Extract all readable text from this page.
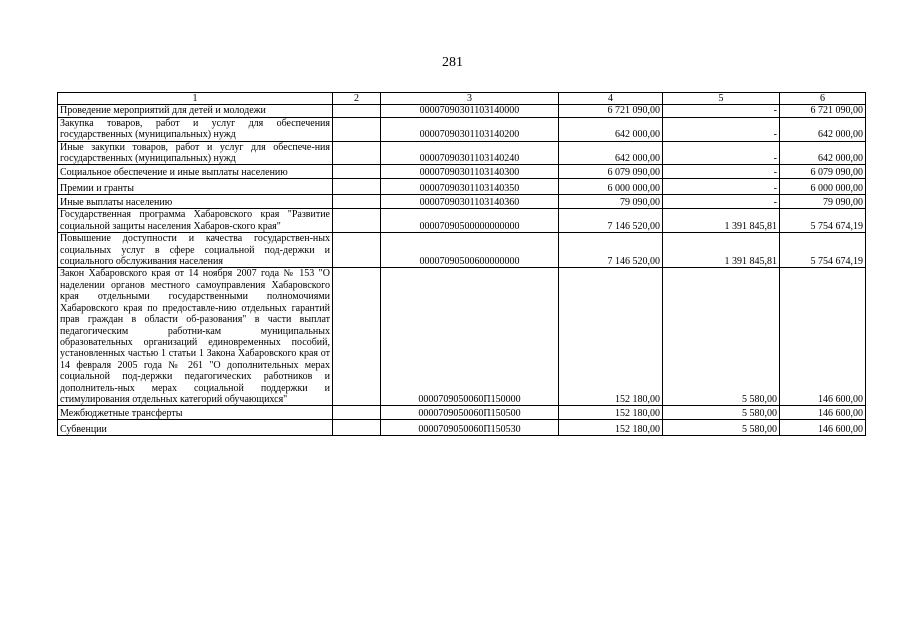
281
1	2	3	4	5	6
Проведение мероприятий для детей и молодежи		00007090301103140000	6 721 090,00	-	6 721 090,00
Закупка товаров, работ и услуг для обеспечения государственных (муниципальных) нужд		00007090301103140200	642 000,00	-	642 000,00
Иные закупки товаров, работ и услуг для обеспече-ния государственных (муниципальных) нужд		00007090301103140240	642 000,00	-	642 000,00
Социальное обеспечение и иные выплаты населению		00007090301103140300	6 079 090,00	-	6 079 090,00
Премии и гранты		00007090301103140350	6 000 000,00	-	6 000 000,00
Иные выплаты населению		00007090301103140360	79 090,00	-	79 090,00
Государственная программа Хабаровского края "Развитие социальной защиты населения Хабаров-ского края"		00007090500000000000	7 146 520,00	1 391 845,81	5 754 674,19
Повышение доступности и качества государствен-ных социальных услуг в сфере социальной под-держки и социального обслуживания населения		00007090500600000000	7 146 520,00	1 391 845,81	5 754 674,19
Закон Хабаровского края от 14 ноября 2007 года № 153 "О наделении органов местного самоуправления Хабаровского края отдельными государственными полномочиями Хабаровского края по предоставле-нию отдельных гарантий прав граждан в области об-разования" в части выплат педагогическим работни-кам муниципальных образовательных организаций единовременных пособий, установленных частью 1 статьи 1 Закона Хабаровского края от 14 февраля 2005 года № 261 "О дополнительных мерах социальной под-держки педагогических работников и дополнитель-ных мерах социальной поддержки и стимулирования отдельных категорий обучающихся"		0000709050060П150000	152 180,00	5 580,00	146 600,00
Межбюджетные трансферты		0000709050060П150500	152 180,00	5 580,00	146 600,00
Субвенции		0000709050060П150530	152 180,00	5 580,00	146 600,00
